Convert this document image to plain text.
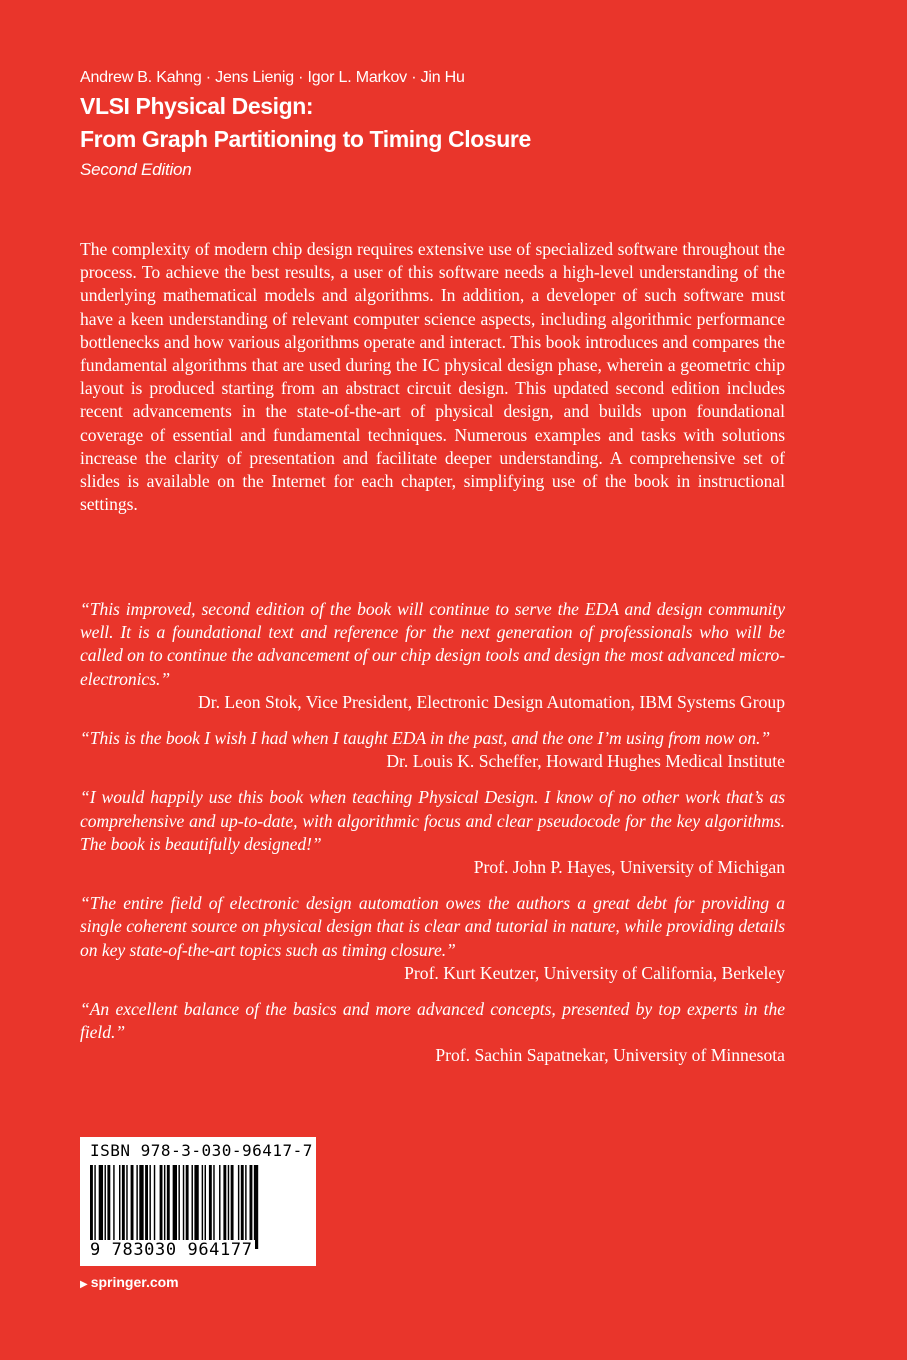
Andrew B. Kahng · Jens Lienig · Igor L. Markov · Jin Hu
VLSI Physical Design:
From Graph Partitioning to Timing Closure
Second Edition

The complexity of modern chip design requires extensive use of specialized software throughout the process. To achieve the best results, a user of this software needs a high-level understanding of the underlying mathematical models and algorithms. In addition, a developer of such software must have a keen understanding of relevant computer science aspects, including algorithmic performance bottlenecks and how various algorithms operate and interact. This book introduces and compares the fundamental algorithms that are used during the IC physical design phase, wherein a geometric chip layout is produced starting from an abstract circuit design. This updated second edition includes recent advancements in the state-of-the-art of physical design, and builds upon foundational coverage of essential and fundamental techniques. Numerous examples and tasks with solutions increase the clarity of presentation and facilitate deeper understanding. A comprehensive set of slides is available on the Internet for each chapter, simplifying use of the book in instructional settings.

“This improved, second edition of the book will continue to serve the EDA and design community well. It is a foundational text and reference for the next generation of professionals who will be called on to continue the advancement of our chip design tools and design the most advanced micro-electronics.”

Dr. Leon Stok, Vice President, Electronic Design Automation, IBM Systems Group

“This is the book I wish I had when I taught EDA in the past, and the one I’m using from now on.”

Dr. Louis K. Scheffer, Howard Hughes Medical Institute

“I would happily use this book when teaching Physical Design. I know of no other work that’s as comprehensive and up-to-date, with algorithmic focus and clear pseudocode for the key algorithms. The book is beautifully designed!”

Prof. John P. Hayes, University of Michigan

“The entire field of electronic design automation owes the authors a great debt for providing a single coherent source on physical design that is clear and tutorial in nature, while providing details on key state-of-the-art topics such as timing closure.”

Prof. Kurt Keutzer, University of California, Berkeley

“An excellent balance of the basics and more advanced concepts, presented by top experts in the field.”

Prof. Sachin Sapatnekar, University of Minnesota

ISBN 978-3-030-96417-7
9 783030 964177
▶ springer.com
